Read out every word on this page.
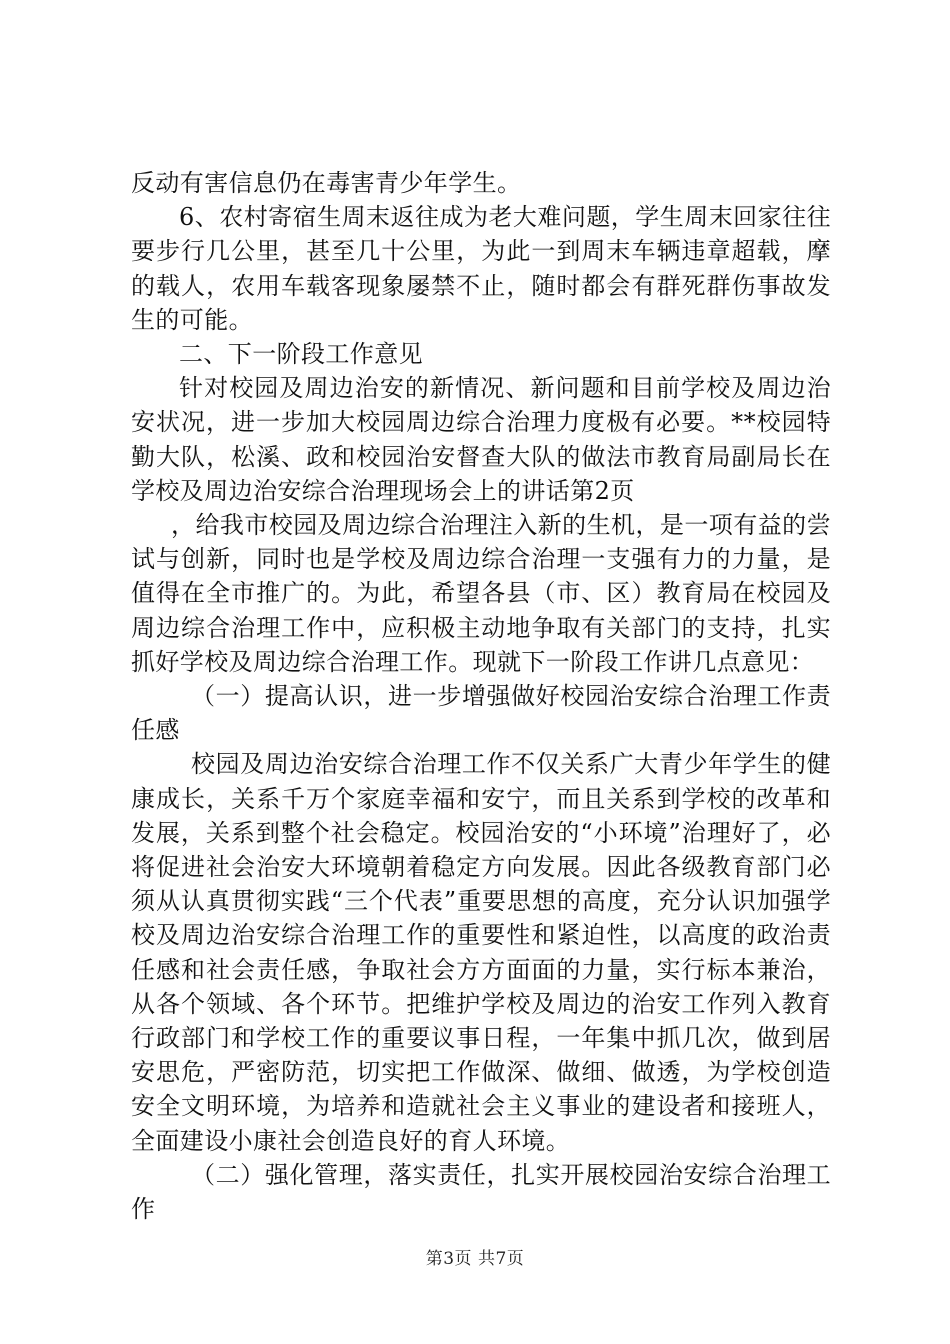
反动有害信息仍在毒害青少年学生。

6、农村寄宿生周末返往成为老大难问题，学生周末回家往往要步行几公里，甚至几十公里，为此一到周末车辆违章超载，摩的载人，农用车载客现象屡禁不止，随时都会有群死群伤事故发生的可能。

二、下一阶段工作意见

针对校园及周边治安的新情况、新问题和目前学校及周边治安状况，进一步加大校园周边综合治理力度极有必要。**校园特勤大队，松溪、政和校园治安督查大队的做法市教育局副局长在学校及周边治安综合治理现场会上的讲话第2页

，给我市校园及周边综合治理注入新的生机，是一项有益的尝试与创新，同时也是学校及周边综合治理一支强有力的力量，是值得在全市推广的。为此，希望各县（市、区）教育局在校园及周边综合治理工作中，应积极主动地争取有关部门的支持，扎实抓好学校及周边综合治理工作。现就下一阶段工作讲几点意见：

（一）提高认识，进一步增强做好校园治安综合治理工作责任感

校园及周边治安综合治理工作不仅关系广大青少年学生的健康成长，关系千万个家庭幸福和安宁，而且关系到学校的改革和发展，关系到整个社会稳定。校园治安的“小环境”治理好了，必将促进社会治安大环境朝着稳定方向发展。因此各级教育部门必须从认真贯彻实践“三个代表”重要思想的高度，充分认识加强学校及周边治安综合治理工作的重要性和紧迫性，以高度的政治责任感和社会责任感，争取社会方方面面的力量，实行标本兼治，从各个领域、各个环节。把维护学校及周边的治安工作列入教育行政部门和学校工作的重要议事日程，一年集中抓几次，做到居安思危，严密防范，切实把工作做深、做细、做透，为学校创造安全文明环境，为培养和造就社会主义事业的建设者和接班人，全面建设小康社会创造良好的育人环境。

（二）强化管理，落实责任，扎实开展校园治安综合治理工作

第3页 共7页
